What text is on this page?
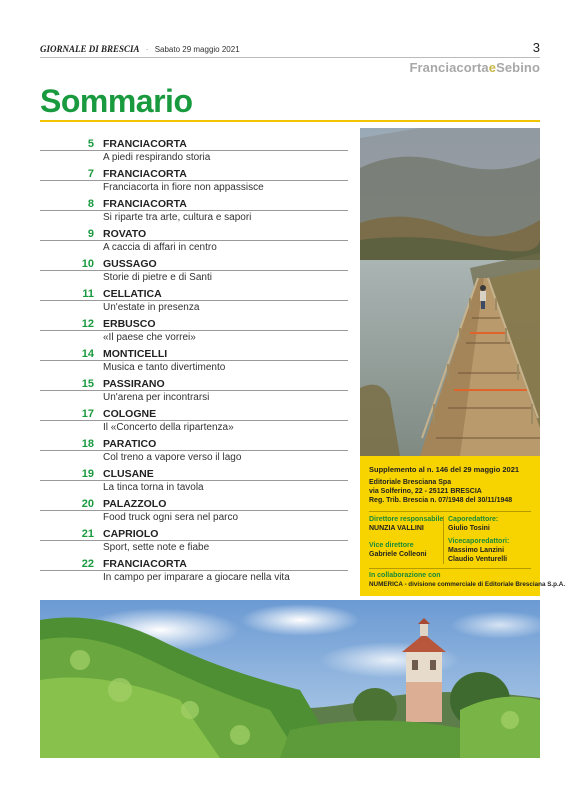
GIORNALE DI BRESCIA · Sabato 29 maggio 2021	3
FranciacortaeSebino
Sommario
5 FRANCIACORTA
A piedi respirando storia
7 FRANCIACORTA
Franciacorta in fiore non appassisce
8 FRANCIACORTA
Si riparte tra arte, cultura e sapori
9 ROVATO
A caccia di affari in centro
10 GUSSAGO
Storie di pietre e di Santi
11 CELLATICA
Un'estate in presenza
12 ERBUSCO
«Il paese che vorrei»
14 MONTICELLI
Musica e tanto divertimento
15 PASSIRANO
Un'arena per incontrarsi
17 COLOGNE
Il «Concerto della ripartenza»
18 PARATICO
Col treno a vapore verso il lago
19 CLUSANE
La tinca torna in tavola
20 PALAZZOLO
Food truck ogni sera nel parco
21 CAPRIOLO
Sport, sette note e fiabe
22 FRANCIACORTA
In campo per imparare a giocare nella vita
Supplemento al n. 146 del 29 maggio 2021
Editoriale Bresciana Spa
via Solferino, 22 - 25121 BRESCIA
Reg. Trib. Brescia n. 07/1948 del 30/11/1948
Direttore responsabile
NUNZIA VALLINI
Vice direttore
Gabriele Colleoni
Caporedattore:
Giulio Tosini
Vicecaporedattori:
Massimo Lanzini
Claudio Venturelli
In collaborazione con
NUMERICA - divisione commerciale di Editoriale Bresciana S.p.A.
